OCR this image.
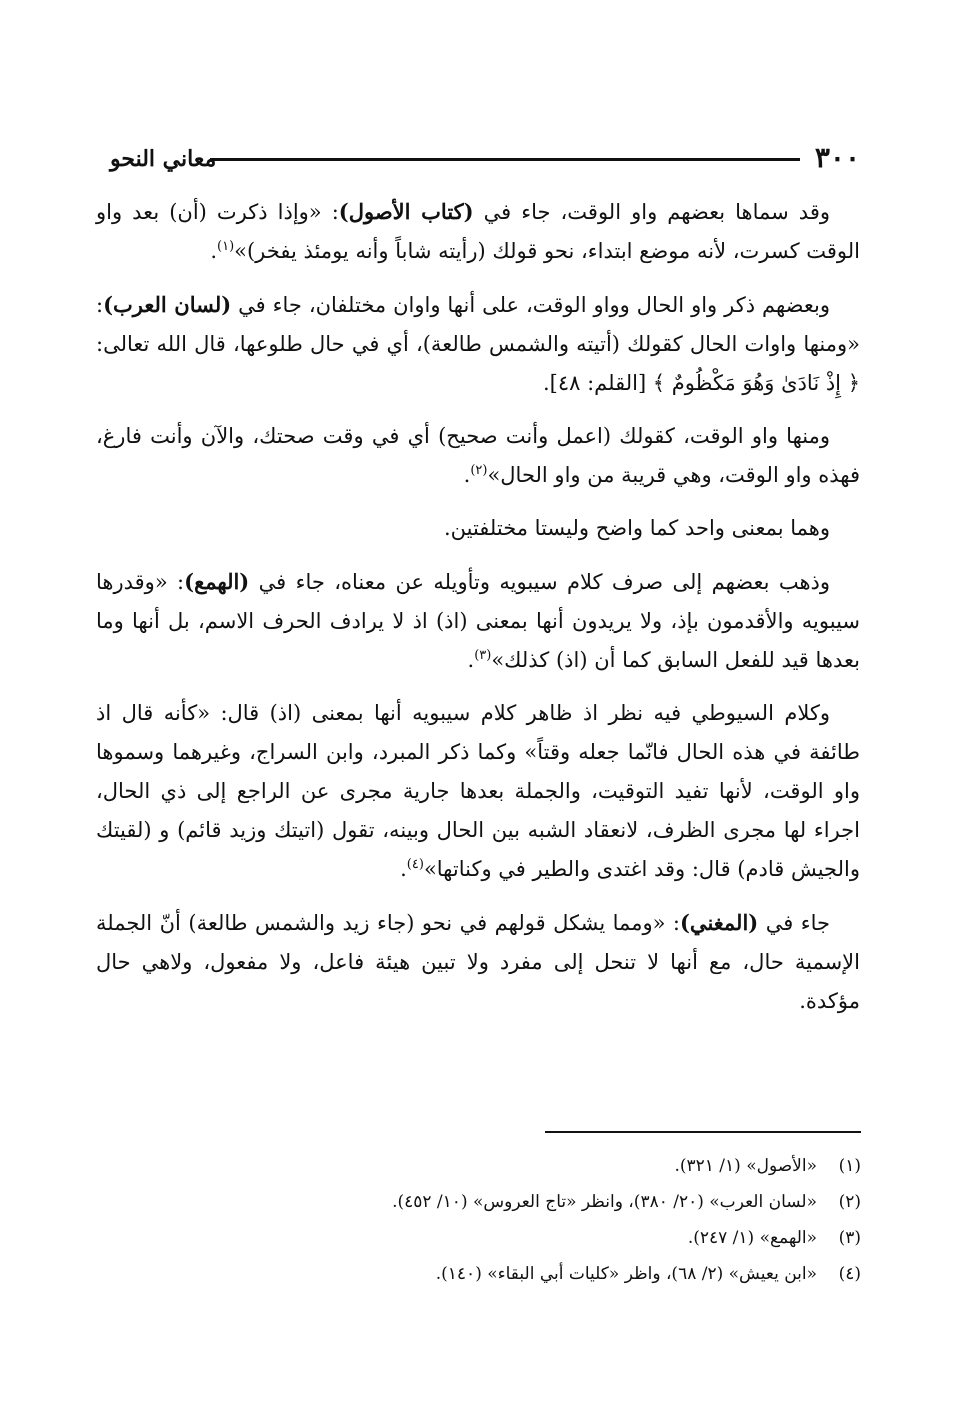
٣٠٠
معاني النحو

وقد سماها بعضهم واو الوقت، جاء في (كتاب الأصول): «وإذا ذكرت (أن) بعد واو الوقت كسرت، لأنه موضع ابتداء، نحو قولك (رأيته شاباً وأنه يومئذ يفخر)»$^{(١)}$.

وبعضهم ذكر واو الحال وواو الوقت، على أنها واوان مختلفان، جاء في (لسان العرب): «ومنها واوات الحال كقولك (أتيته والشمس طالعة)، أي في حال طلوعها، قال الله تعالى: ﴿ إِذْ نَادَىٰ وَهُوَ مَكْظُومٌ ﴾ [القلم: ٤٨].

ومنها واو الوقت، كقولك (اعمل وأنت صحيح) أي في وقت صحتك، والآن وأنت فارغ، فهذه واو الوقت، وهي قريبة من واو الحال»$^{(٢)}$.

وهما بمعنى واحد كما واضح وليستا مختلفتين.

وذهب بعضهم إلى صرف كلام سيبويه وتأويله عن معناه، جاء في (الهمع): «وقدرها سيبويه والأقدمون بإذ، ولا يريدون أنها بمعنى (اذ) اذ لا يرادف الحرف الاسم، بل أنها وما بعدها قيد للفعل السابق كما أن (اذ) كذلك»$^{(٣)}$.

وكلام السيوطي فيه نظر اذ ظاهر كلام سيبويه أنها بمعنى (اذ) قال: «كأنه قال اذ طائفة في هذه الحال فانّما جعله وقتاً» وكما ذكر المبرد، وابن السراج، وغيرهما وسموها واو الوقت، لأنها تفيد التوقيت، والجملة بعدها جارية مجرى عن الراجع إلى ذي الحال، اجراء لها مجرى الظرف، لانعقاد الشبه بين الحال وبينه، تقول (اتيتك وزيد قائم) و (لقيتك والجيش قادم) قال: وقد اغتدى والطير في وكناتها»$^{(٤)}$.

جاء في (المغني): «ومما يشكل قولهم في نحو (جاء زيد والشمس طالعة) أنّ الجملة الإسمية حال، مع أنها لا تنحل إلى مفرد ولا تبين هيئة فاعل، ولا مفعول، ولاهي حال مؤكدة.

(١)«الأصول» (١/ ٣٢١).
(٢)«لسان العرب» (٢٠/ ٣٨٠)، وانظر «تاج العروس» (١٠/ ٤٥٢).
(٣)«الهمع» (١/ ٢٤٧).
(٤)«ابن يعيش» (٢/ ٦٨)، واظر «كليات أبي البقاء» (١٤٠).
